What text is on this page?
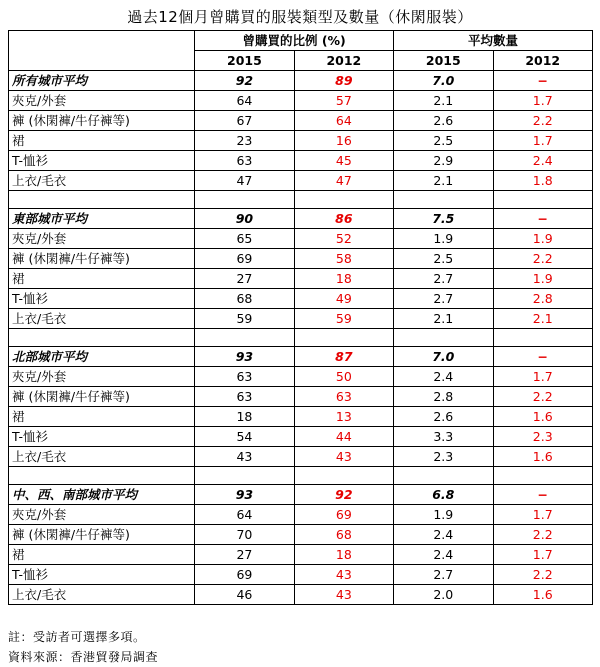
過去12個月曾購買的服裝類型及數量（休閑服裝）
	曾購買的比例 (%)		平均數量	
	2015	2012	2015	2012
所有城市平均	92	89	7.0	−
夾克/外套	64	57	2.1	1.7
褲 (休閑褲/牛仔褲等)	67	64	2.6	2.2
裙	23	16	2.5	1.7
T-恤衫	63	45	2.9	2.4
上衣/毛衣	47	47	2.1	1.8

東部城市平均	90	86	7.5	−
夾克/外套	65	52	1.9	1.9
褲 (休閑褲/牛仔褲等)	69	58	2.5	2.2
裙	27	18	2.7	1.9
T-恤衫	68	49	2.7	2.8
上衣/毛衣	59	59	2.1	2.1

北部城市平均	93	87	7.0	−
夾克/外套	63	50	2.4	1.7
褲 (休閑褲/牛仔褲等)	63	63	2.8	2.2
裙	18	13	2.6	1.6
T-恤衫	54	44	3.3	2.3
上衣/毛衣	43	43	2.3	1.6

中、西、南部城市平均	93	92	6.8	−
夾克/外套	64	69	1.9	1.7
褲 (休閑褲/牛仔褲等)	70	68	2.4	2.2
裙	27	18	2.4	1.7
T-恤衫	69	43	2.7	2.2
上衣/毛衣	46	43	2.0	1.6
註：受訪者可選擇多項。
資料來源：香港貿發局調查
